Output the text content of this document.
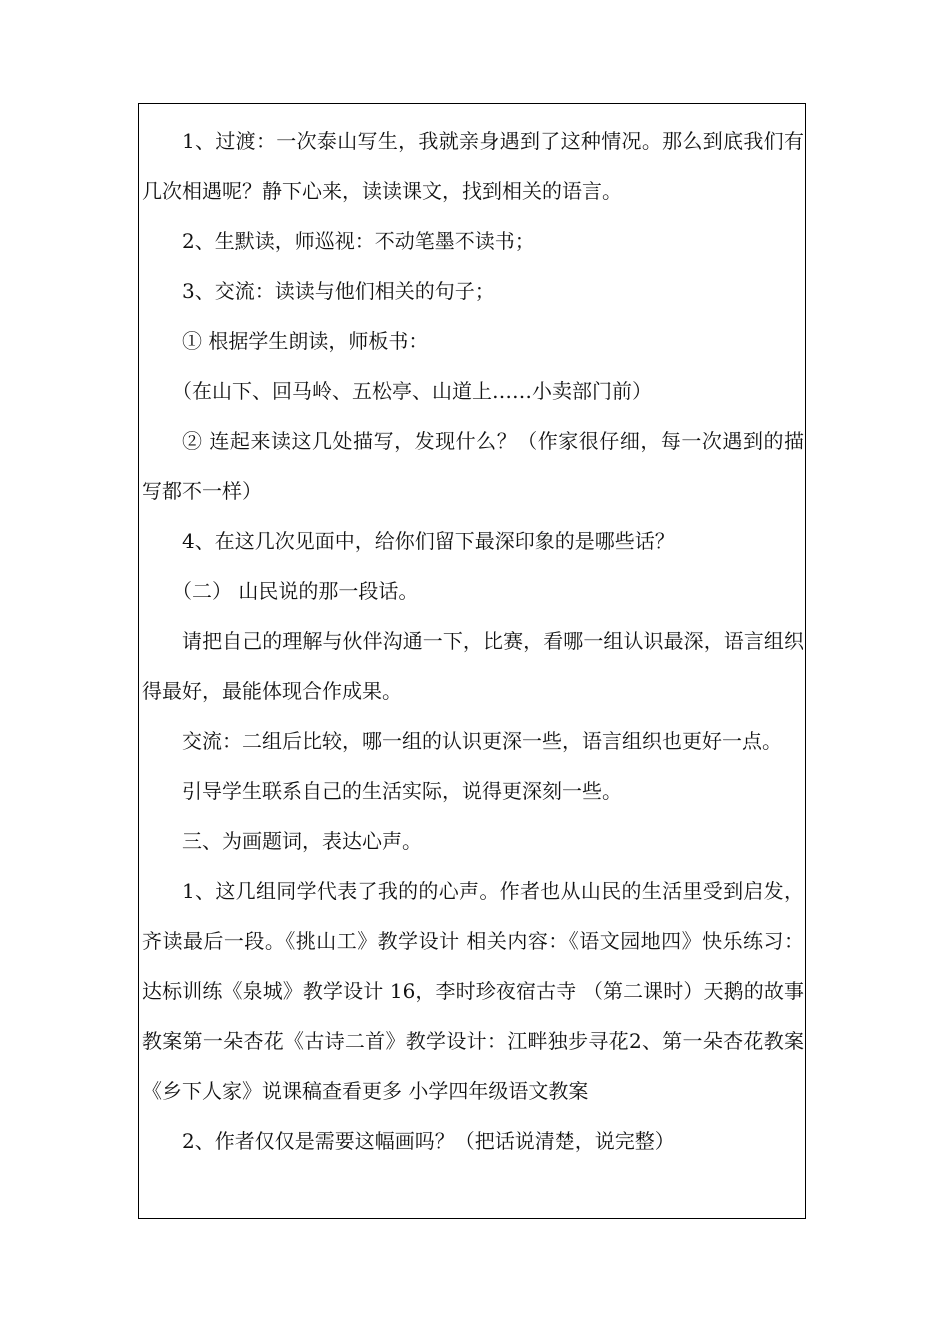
1、过渡：一次泰山写生，我就亲身遇到了这种情况。那么到底我们有几次相遇呢？静下心来，读读课文，找到相关的语言。

2、生默读，师巡视：不动笔墨不读书；

3、交流：读读与他们相关的句子；

① 根据学生朗读，师板书：

（在山下、回马岭、五松亭、山道上……小卖部门前）

② 连起来读这几处描写，发现什么？（作家很仔细，每一次遇到的描写都不一样）

4、在这几次见面中，给你们留下最深印象的是哪些话？

（二） 山民说的那一段话。

请把自己的理解与伙伴沟通一下，比赛，看哪一组认识最深，语言组织得最好，最能体现合作成果。

交流：二组后比较，哪一组的认识更深一些，语言组织也更好一点。

引导学生联系自己的生活实际，说得更深刻一些。

三、为画题词，表达心声。

1、这几组同学代表了我的的心声。作者也从山民的生活里受到启发，齐读最后一段。《挑山工》教学设计 相关内容：《语文园地四》快乐练习：达标训练《泉城》教学设计 16，李时珍夜宿古寺 （第二课时）天鹅的故事教案第一朵杏花《古诗二首》教学设计：江畔独步寻花2、第一朵杏花教案《乡下人家》说课稿查看更多 小学四年级语文教案

2、作者仅仅是需要这幅画吗？（把话说清楚，说完整）
